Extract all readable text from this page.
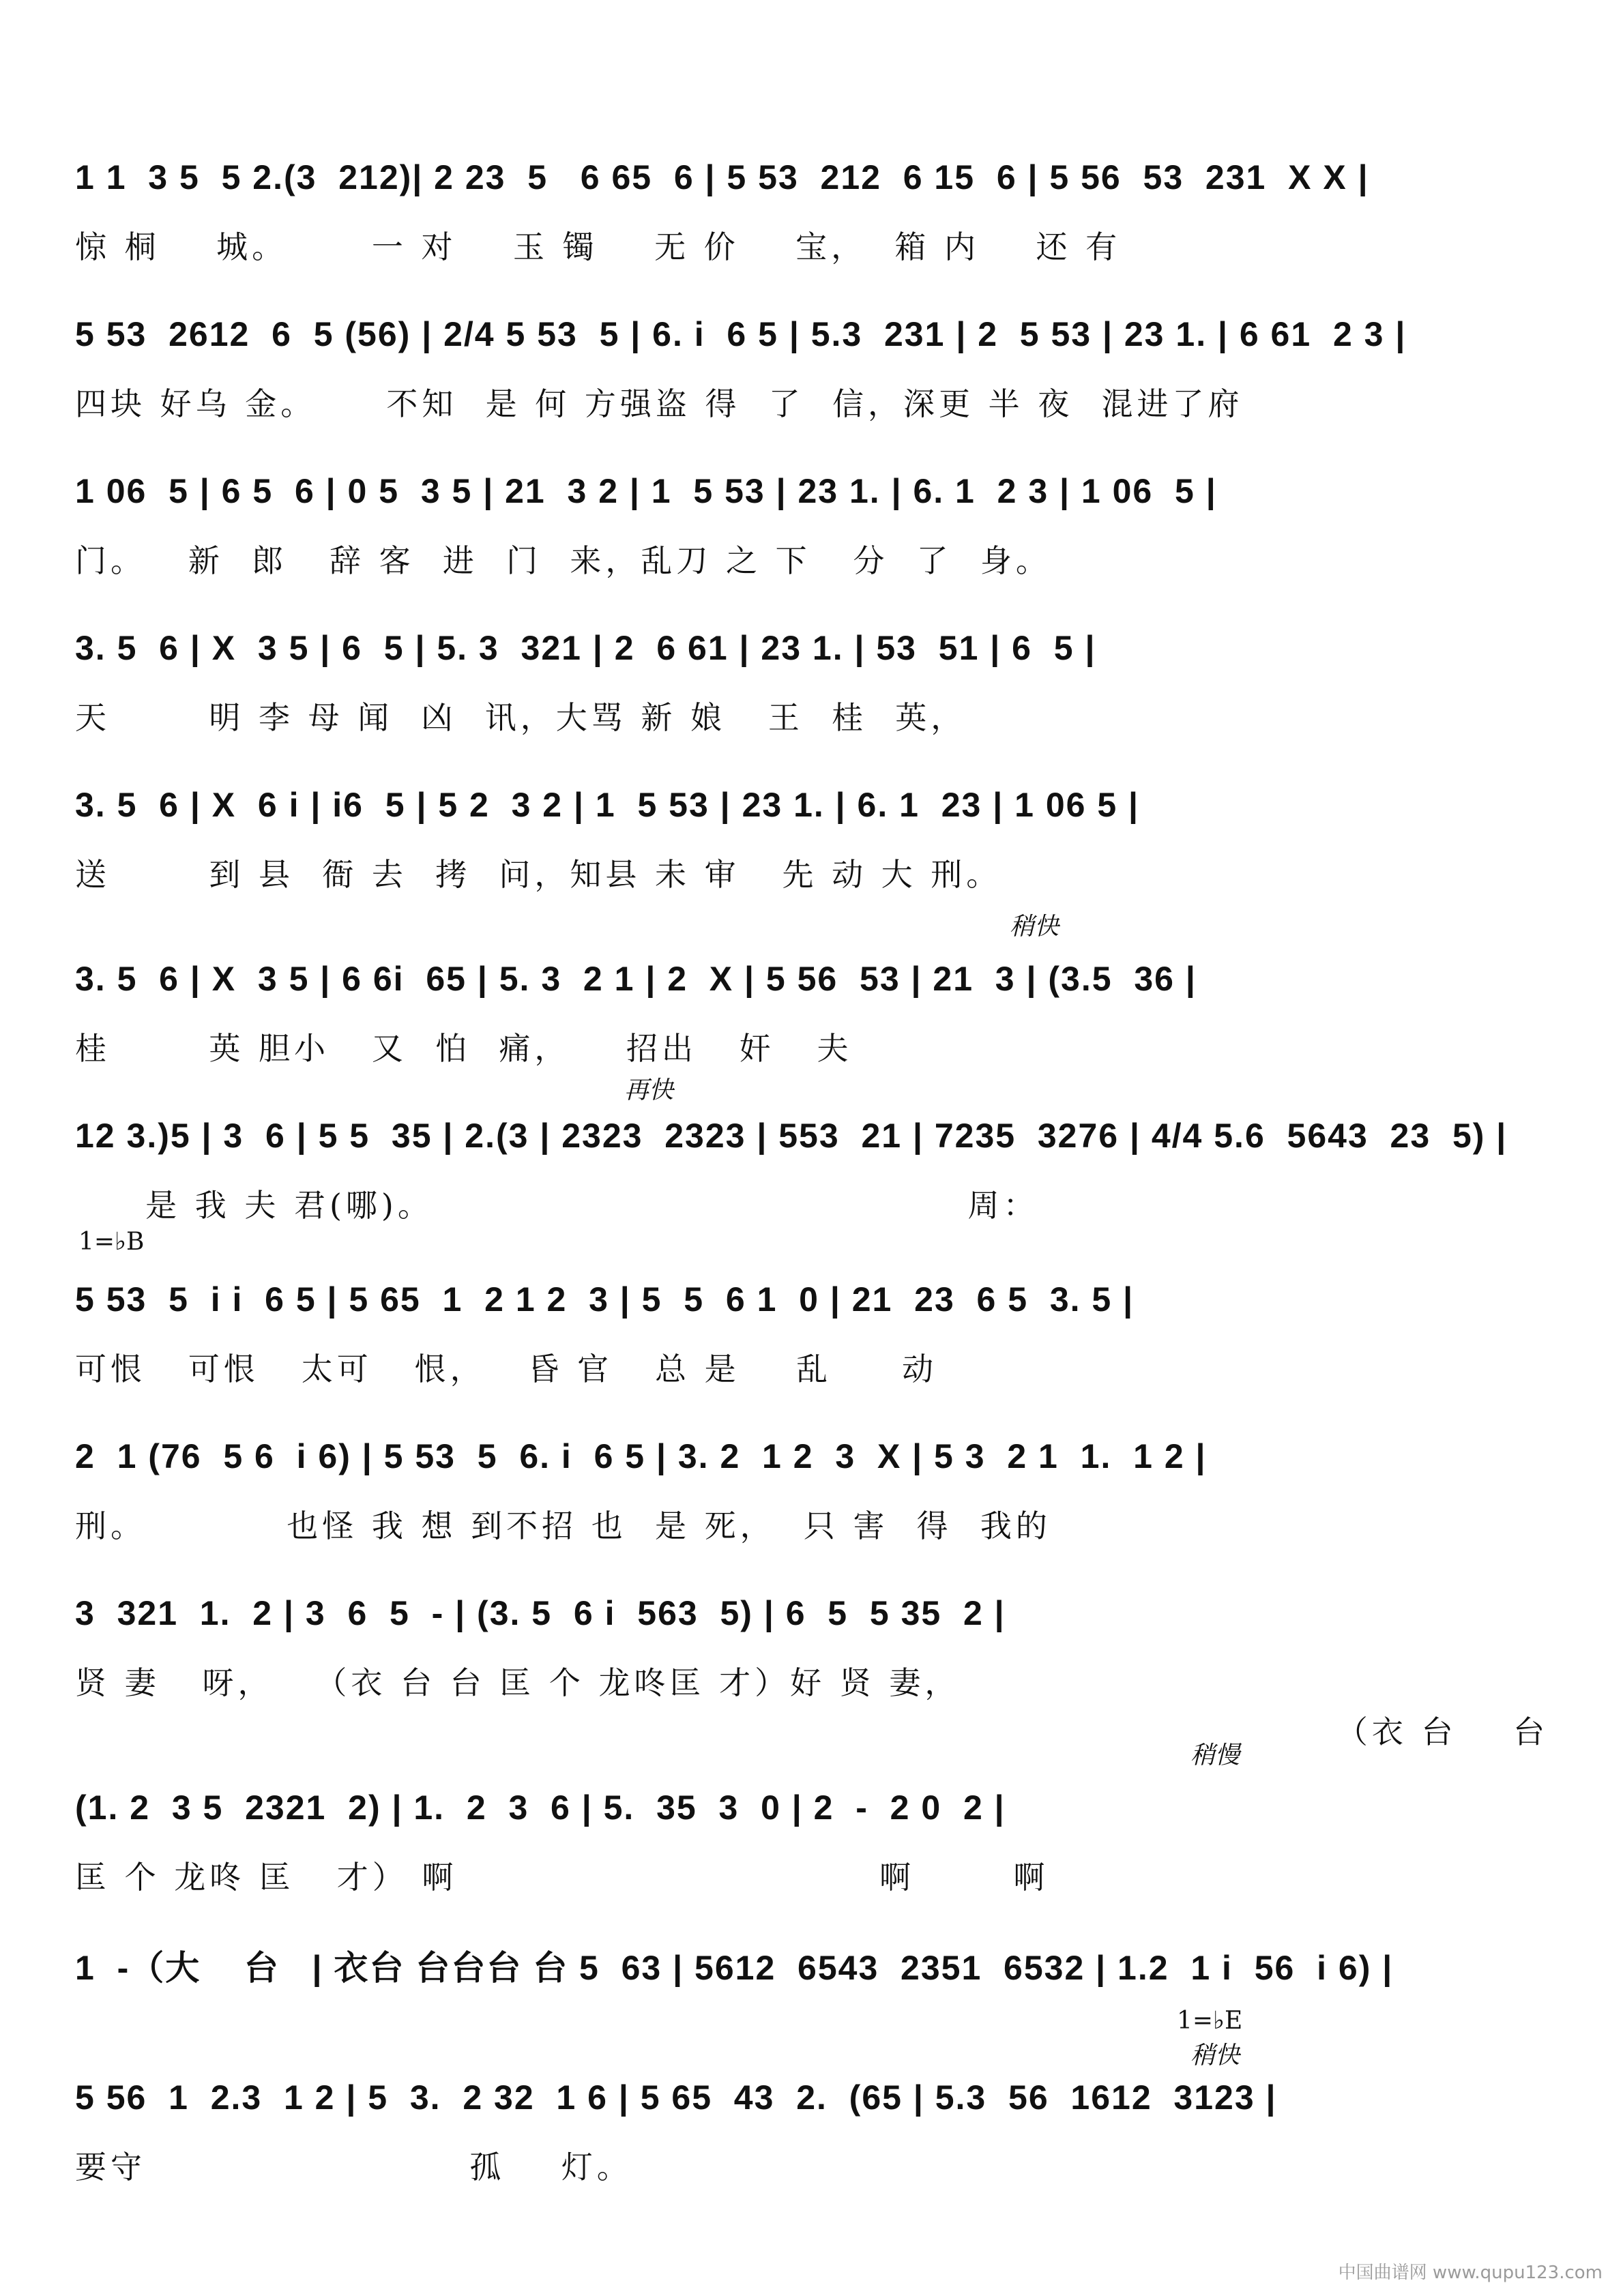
1 1  3 5  5 2.(3  212)| 2 23  5   6 65  6 | 5 53  212  6 15  6 | 5 56  53  231  X X |
惊 桐    城。      一 对    玉 镯    无 价    宝，  箱 内    还 有
5 53  2612  6  5 (56) | 2/4 5 53  5 | 6. i  6 5 | 5.3  231 | 2  5 53 | 23 1. | 6 61  2 3 |
四块 好乌 金。     不知  是 何 方强盗 得  了  信，深更 半 夜  混进了府
1 06  5 | 6 5  6 | 0 5  3 5 | 21  3 2 | 1  5 53 | 23 1. | 6. 1  2 3 | 1 06  5 |
门。   新  郎   辞 客  进  门  来，乱刀 之 下   分  了  身。
3. 5  6 | X  3 5 | 6  5 | 5. 3  321 | 2  6 61 | 23 1. | 53  51 | 6  5 |
天       明 李 母 闻  凶  讯，大骂 新 娘   王  桂  英，
3. 5  6 | X  6 i | i6  5 | 5 2  3 2 | 1  5 53 | 23 1. | 6. 1  23 | 1 06 5 |
送       到 县  衙 去  拷  问，知县 未 审   先 动 大 刑。
稍快
3. 5  6 | X  3 5 | 6 6i  65 | 5. 3  2 1 | 2  X | 5 56  53 | 21  3 | (3.5  36 |
桂       英 胆小   又  怕  痛，    招出   奸   夫
再快
12 3.)5 | 3  6 | 5 5  35 | 2.(3 | 2323  2323 | 553  21 | 7235  3276 | 4/4 5.6  5643  23  5) |
是 我 夫 君(哪)。                                      周：
1=♭B
5 53  5  i i  6 5 | 5 65  1  2 1 2  3 | 5  5  6 1  0 | 21  23  6 5  3. 5 |
可恨   可恨   太可   恨，   昏 官   总 是    乱     动
2  1 (76  5 6  i 6) | 5 53  5  6. i  6 5 | 3. 2  1 2  3  X | 5 3  2 1  1.  1 2 |
刑。          也怪 我 想 到不招 也  是 死，  只 害  得  我的
3  321  1.  2 | 3  6  5  - | (3. 5  6 i  563  5) | 6  5  5 35  2 |
贤 妻   呀，   （衣 台 台 匡 个 龙咚匡 才）好 贤 妻，
（衣 台    台
稍慢
(1. 2  3 5  2321  2) | 1.  2  3  6 | 5.  35  3  0 | 2  -  2 0  2 |
匡 个 龙咚 匡   才） 啊                              啊       啊
1  -（大    台   | 衣台 台台台 台 5  63 | 5612  6543  2351  6532 | 1.2  1 i  56  i 6) |
1=♭E
稍快
5 56  1  2.3  1 2 | 5  3.  2 32  1 6 | 5 65  43  2.  (65 | 5.3  56  1612  3123 |
要守                       孤    灯。
中国曲谱网 www.qupu123.com
